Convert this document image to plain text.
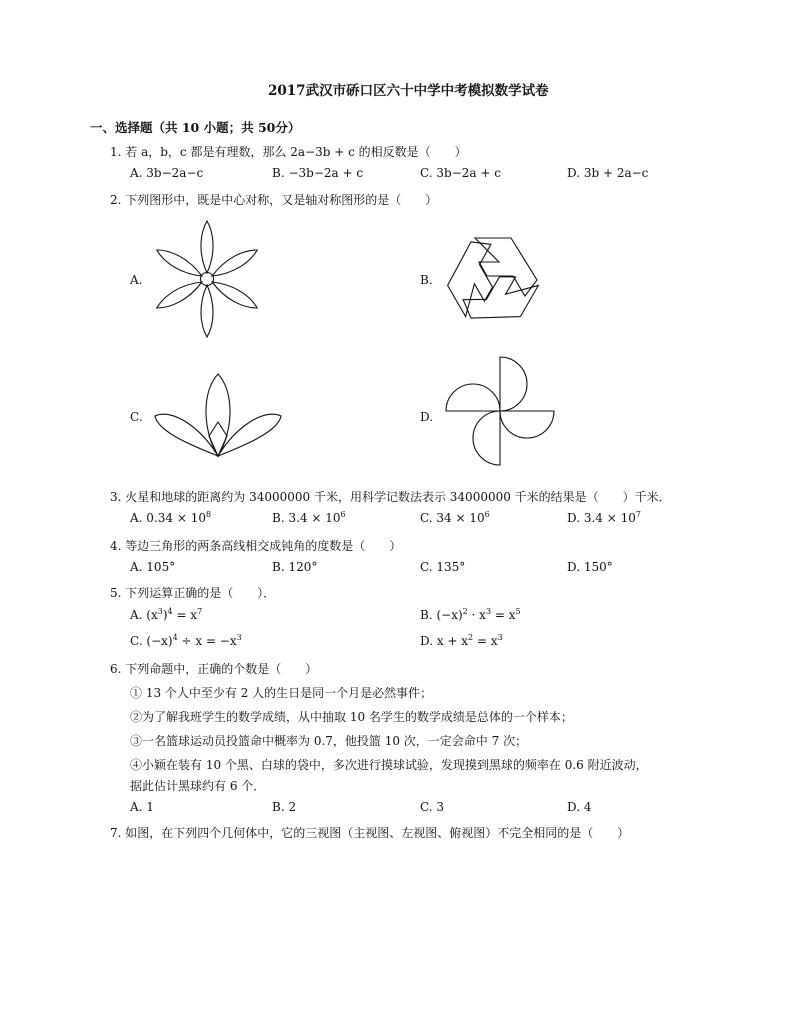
2017武汉市硚口区六十中学中考模拟数学试卷
一、选择题（共 10 小题；共 50分）
1. 若 a，b，c 都是有理数，那么 2a−3b + c 的相反数是（　　）
A. 3b−2a−c	B. −3b−2a + c	C. 3b−2a + c	D. 3b + 2a−c
2. 下列图形中，既是中心对称，又是轴对称图形的是（　　）
A.	B.
C.	D.
3. 火星和地球的距离约为 34000000 千米，用科学记数法表示 34000000 千米的结果是（　　）千米．
A. $0.34 \times 10^8$	B. $3.4 \times 10^6$	C. $34 \times 10^6$	D. $3.4 \times 10^7$
4. 等边三角形的两条高线相交成钝角的度数是（　　）
A. 105°	B. 120°	C. 135°	D. 150°
5. 下列运算正确的是（　　）．
A. $(x^3)^4 = x^7$	B. $(-x)^2 \cdot x^3 = x^5$
C. $(-x)^4 \div x = -x^3$	D. $x + x^2 = x^3$
6. 下列命题中，正确的个数是（　　）
① 13 个人中至少有 2 人的生日是同一个月是必然事件；
②为了解我班学生的数学成绩，从中抽取 10 名学生的数学成绩是总体的一个样本；
③一名篮球运动员投篮命中概率为 0.7，他投篮 10 次，一定会命中 7 次；
④小颖在装有 10 个黑、白球的袋中，多次进行摸球试验，发现摸到黑球的频率在 0.6 附近波动，
据此估计黑球约有 6 个．
A. 1	B. 2	C. 3	D. 4
7. 如图，在下列四个几何体中，它的三视图（主视图、左视图、俯视图）不完全相同的是（　　）
